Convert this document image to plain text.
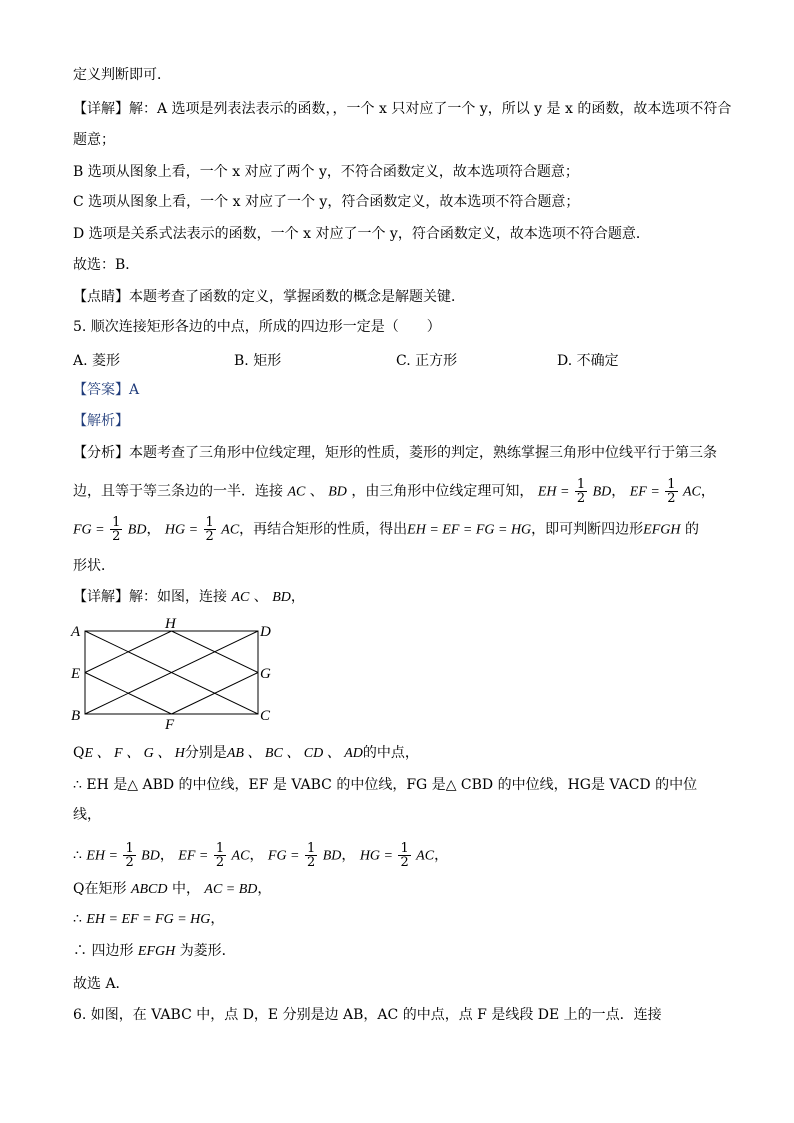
定义判断即可．
【详解】解：A 选项是列表法表示的函数，，一个 x 只对应了一个 y，所以 y 是 x 的函数，故本选项不符合
题意；
B 选项从图象上看，一个 x 对应了两个 y，不符合函数定义，故本选项符合题意；
C 选项从图象上看，一个 x 对应了一个 y，符合函数定义，故本选项不符合题意；
D 选项是关系式法表示的函数，一个 x 对应了一个 y，符合函数定义，故本选项不符合题意．
故选：B．
【点睛】本题考查了函数的定义，掌握函数的概念是解题关键．
5. 顺次连接矩形各边的中点，所成的四边形一定是（　　）
A. 菱形	B. 矩形	C. 正方形	D. 不确定
【答案】A
【解析】
【分析】本题考查了三角形中位线定理，矩形的性质，菱形的判定，熟练掌握三角形中位线平行于第三条
边，且等于等三条边的一半．连接 AC 、 BD ，由三角形中位线定理可知， EH = $\frac{1}{2}$ BD， EF = $\frac{1}{2}$ AC，
FG = $\frac{1}{2}$ BD， HG = $\frac{1}{2}$ AC，再结合矩形的性质，得出EH = EF = FG = HG，即可判断四边形EFGH 的
形状．
【详解】解：如图，连接 AC 、 BD，
A	H	D
E	G
B
F
C
QE 、 F 、 G 、 H分别是AB 、 BC 、 CD 、 AD的中点，
∴ EH 是△ ABD 的中位线，EF 是 VABC 的中位线，FG 是△ CBD 的中位线，HG是 VACD 的中位
线，
∴ EH = $\frac{1}{2}$ BD， EF = $\frac{1}{2}$ AC， FG = $\frac{1}{2}$ BD， HG = $\frac{1}{2}$ AC，
Q在矩形 ABCD 中， AC = BD，
∴ EH = EF = FG = HG，
∴ 四边形 EFGH 为菱形．
故选 A．
6. 如图，在 VABC 中，点 D，E 分别是边 AB，AC 的中点，点 F 是线段 DE 上的一点．连接
